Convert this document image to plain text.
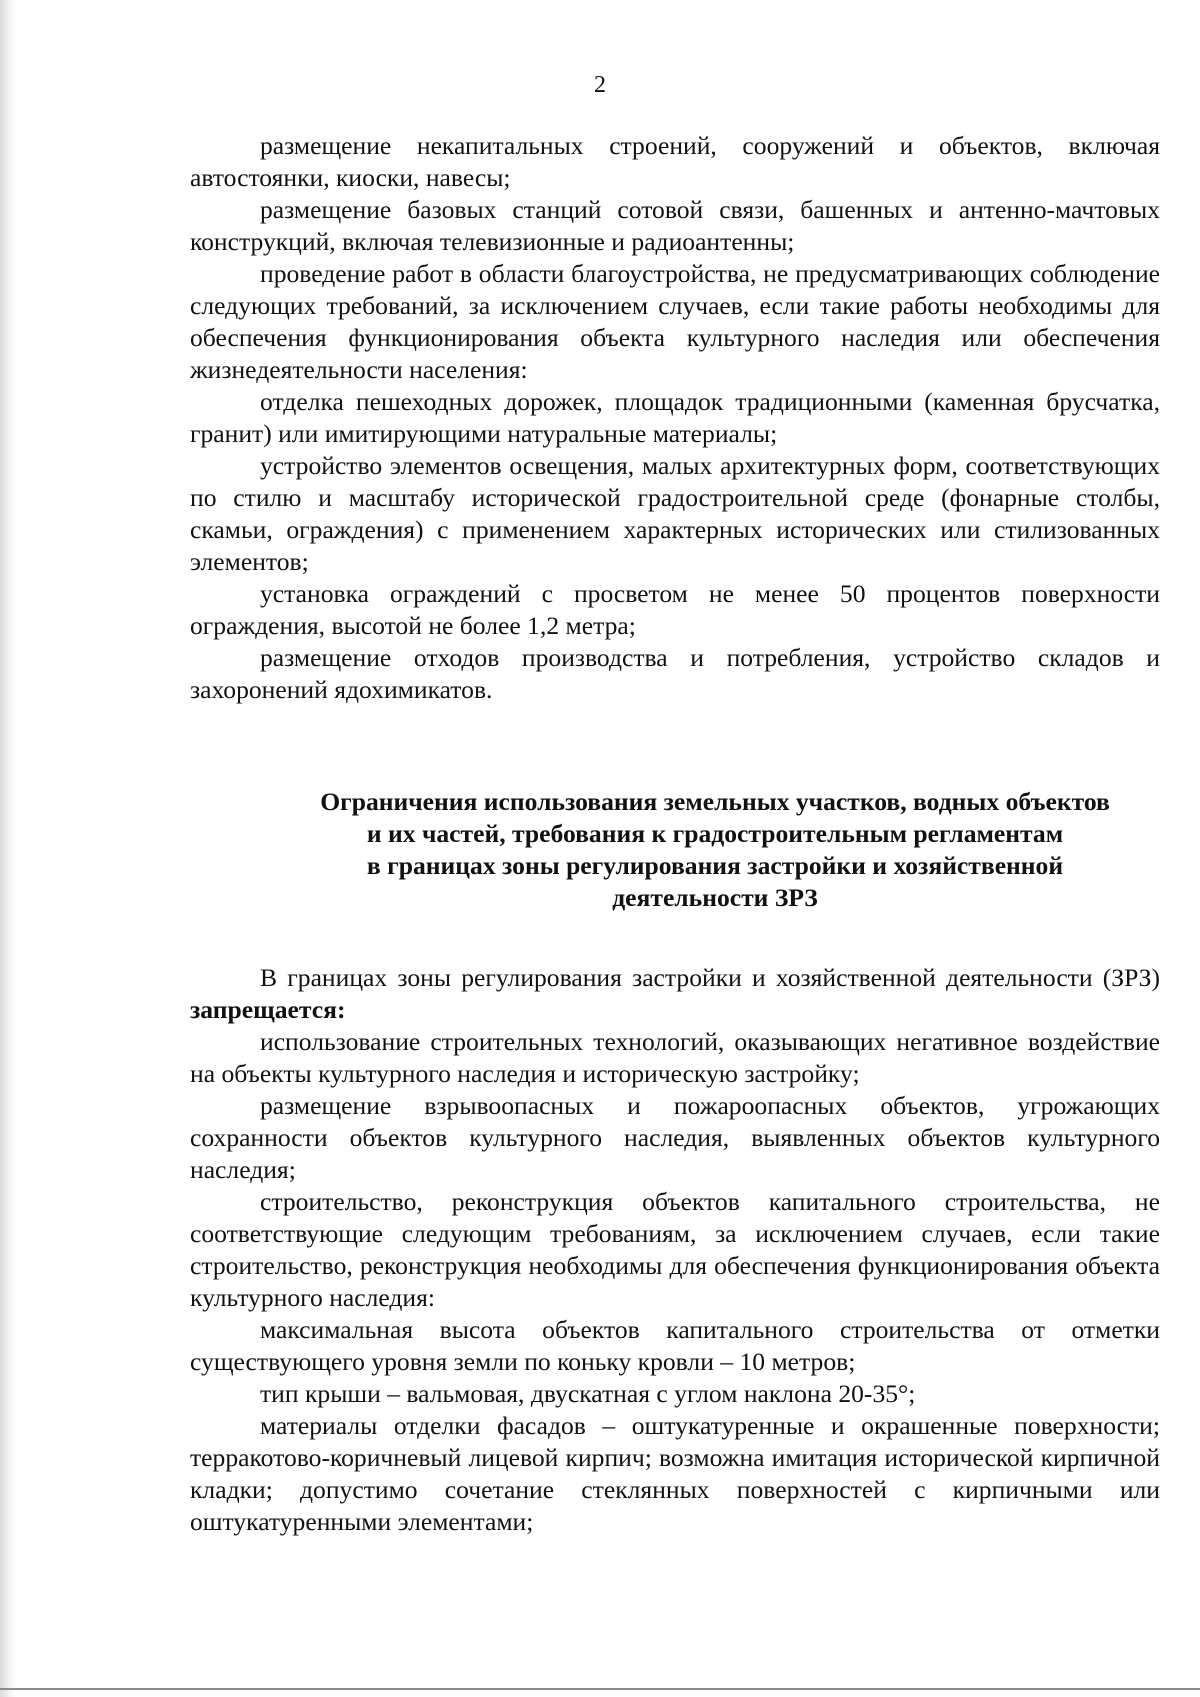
2

размещение некапитальных строений, сооружений и объектов, включая автостоянки, киоски, навесы;

размещение базовых станций сотовой связи, башенных и антенно-мачтовых конструкций, включая телевизионные и радиоантенны;

проведение работ в области благоустройства, не предусматривающих соблюдение следующих требований, за исключением случаев, если такие работы необходимы для обеспечения функционирования объекта культурного наследия или обеспечения жизнедеятельности населения:

отделка пешеходных дорожек, площадок традиционными (каменная брусчатка, гранит) или имитирующими натуральные материалы;

устройство элементов освещения, малых архитектурных форм, соответствующих по стилю и масштабу исторической градостроительной среде (фонарные столбы, скамьи, ограждения) с применением характерных исторических или стилизованных элементов;

установка ограждений с просветом не менее 50 процентов поверхности ограждения, высотой не более 1,2 метра;

размещение отходов производства и потребления, устройство складов и захоронений ядохимикатов.

Ограничения использования земельных участков, водных объектов
и их частей, требования к градостроительным регламентам
в границах зоны регулирования застройки и хозяйственной
деятельности ЗРЗ

В границах зоны регулирования застройки и хозяйственной деятельности (ЗРЗ) запрещается:

использование строительных технологий, оказывающих негативное воздействие на объекты культурного наследия и историческую застройку;

размещение взрывоопасных и пожароопасных объектов, угрожающих сохранности объектов культурного наследия, выявленных объектов культурного наследия;

строительство, реконструкция объектов капитального строительства, не соответствующие следующим требованиям, за исключением случаев, если такие строительство, реконструкция необходимы для обеспечения функционирования объекта культурного наследия:

максимальная высота объектов капитального строительства от отметки существующего уровня земли по коньку кровли – 10 метров;

тип крыши – вальмовая, двускатная с углом наклона 20-35°;

материалы отделки фасадов – оштукатуренные и окрашенные поверхности; терракотово-коричневый лицевой кирпич; возможна имитация исторической кирпичной кладки; допустимо сочетание стеклянных поверхностей с кирпичными или оштукатуренными элементами;
